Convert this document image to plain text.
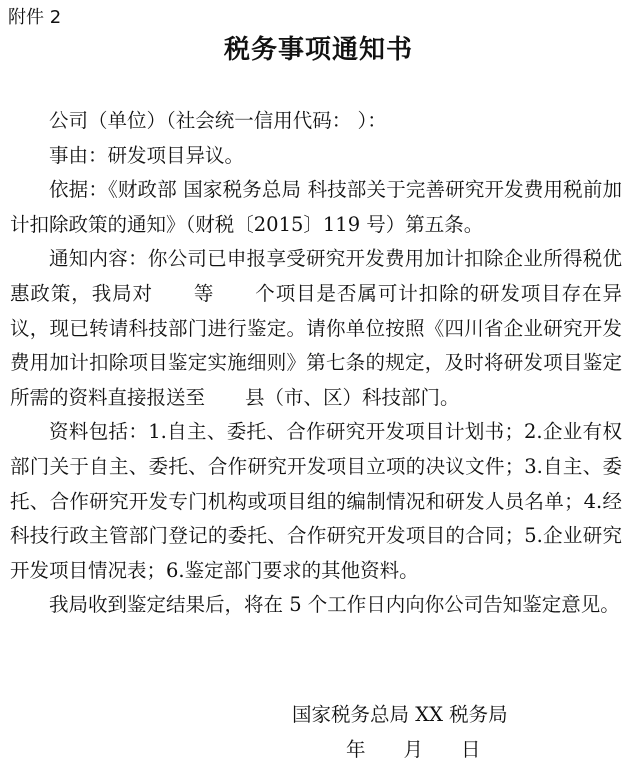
附件 2
税务事项通知书

公司（单位）（社会统一信用代码： ）：

事由：研发项目异议。

依据：《财政部 国家税务总局 科技部关于完善研究开发费用税前加计扣除政策的通知》（财税〔2015〕119 号）第五条。

通知内容：你公司已申报享受研究开发费用加计扣除企业所得税优惠政策，我局对 等 个项目是否属可计扣除的研发项目存在异议，现已转请科技部门进行鉴定。请你单位按照《四川省企业研究开发费用加计扣除项目鉴定实施细则》第七条的规定，及时将研发项目鉴定所需的资料直接报送至 县（市、区）科技部门。

资料包括：1.自主、委托、合作研究开发项目计划书；2.企业有权部门关于自主、委托、合作研究开发项目立项的决议文件；3.自主、委托、合作研究开发专门机构或项目组的编制情况和研发人员名单；4.经科技行政主管部门登记的委托、合作研究开发项目的合同；5.企业研究开发项目情况表；6.鉴定部门要求的其他资料。

我局收到鉴定结果后，将在 5 个工作日内向你公司告知鉴定意见。

国家税务总局 XX 税务局
年 月 日
